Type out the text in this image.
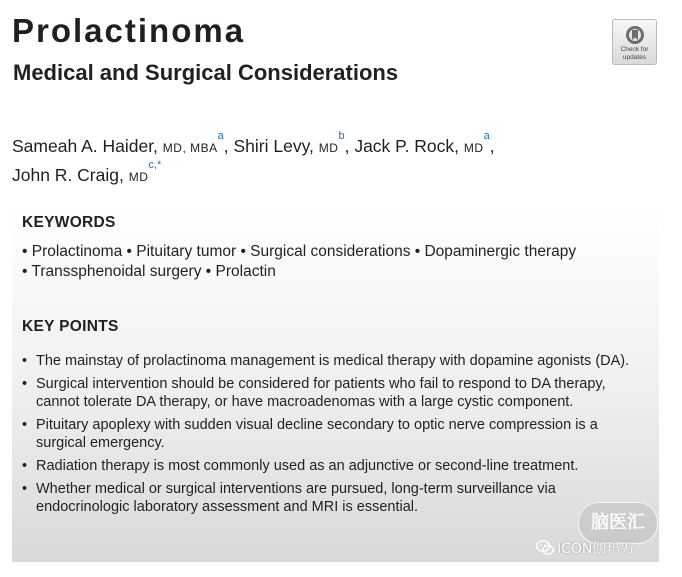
Prolactinoma
Medical and Surgical Considerations
Check for
updates
Sameah A. Haider, MD, MBA$^a$, Shiri Levy, MD$^b$, Jack P. Rock, MD$^a$,
John R. Craig, MD$^{c,*}$
KEYWORDS
• Prolactinoma • Pituitary tumor • Surgical considerations • Dopaminergic therapy
• Transsphenoidal surgery • Prolactin
KEY POINTS
• The mainstay of prolactinoma management is medical therapy with dopamine agonists (DA).
• Surgical intervention should be considered for patients who fail to respond to DA therapy, cannot tolerate DA therapy, or have macroadenomas with a large cystic component.
• Pituitary apoplexy with sudden visual decline secondary to optic nerve compression is a surgical emergency.
• Radiation therapy is most commonly used as an adjunctive or second-line treatment.
• Whether medical or surgical interventions are pursued, long-term surveillance via endocrinologic laboratory assessment and MRI is essential.
脑医汇
ICON伽玛刀
